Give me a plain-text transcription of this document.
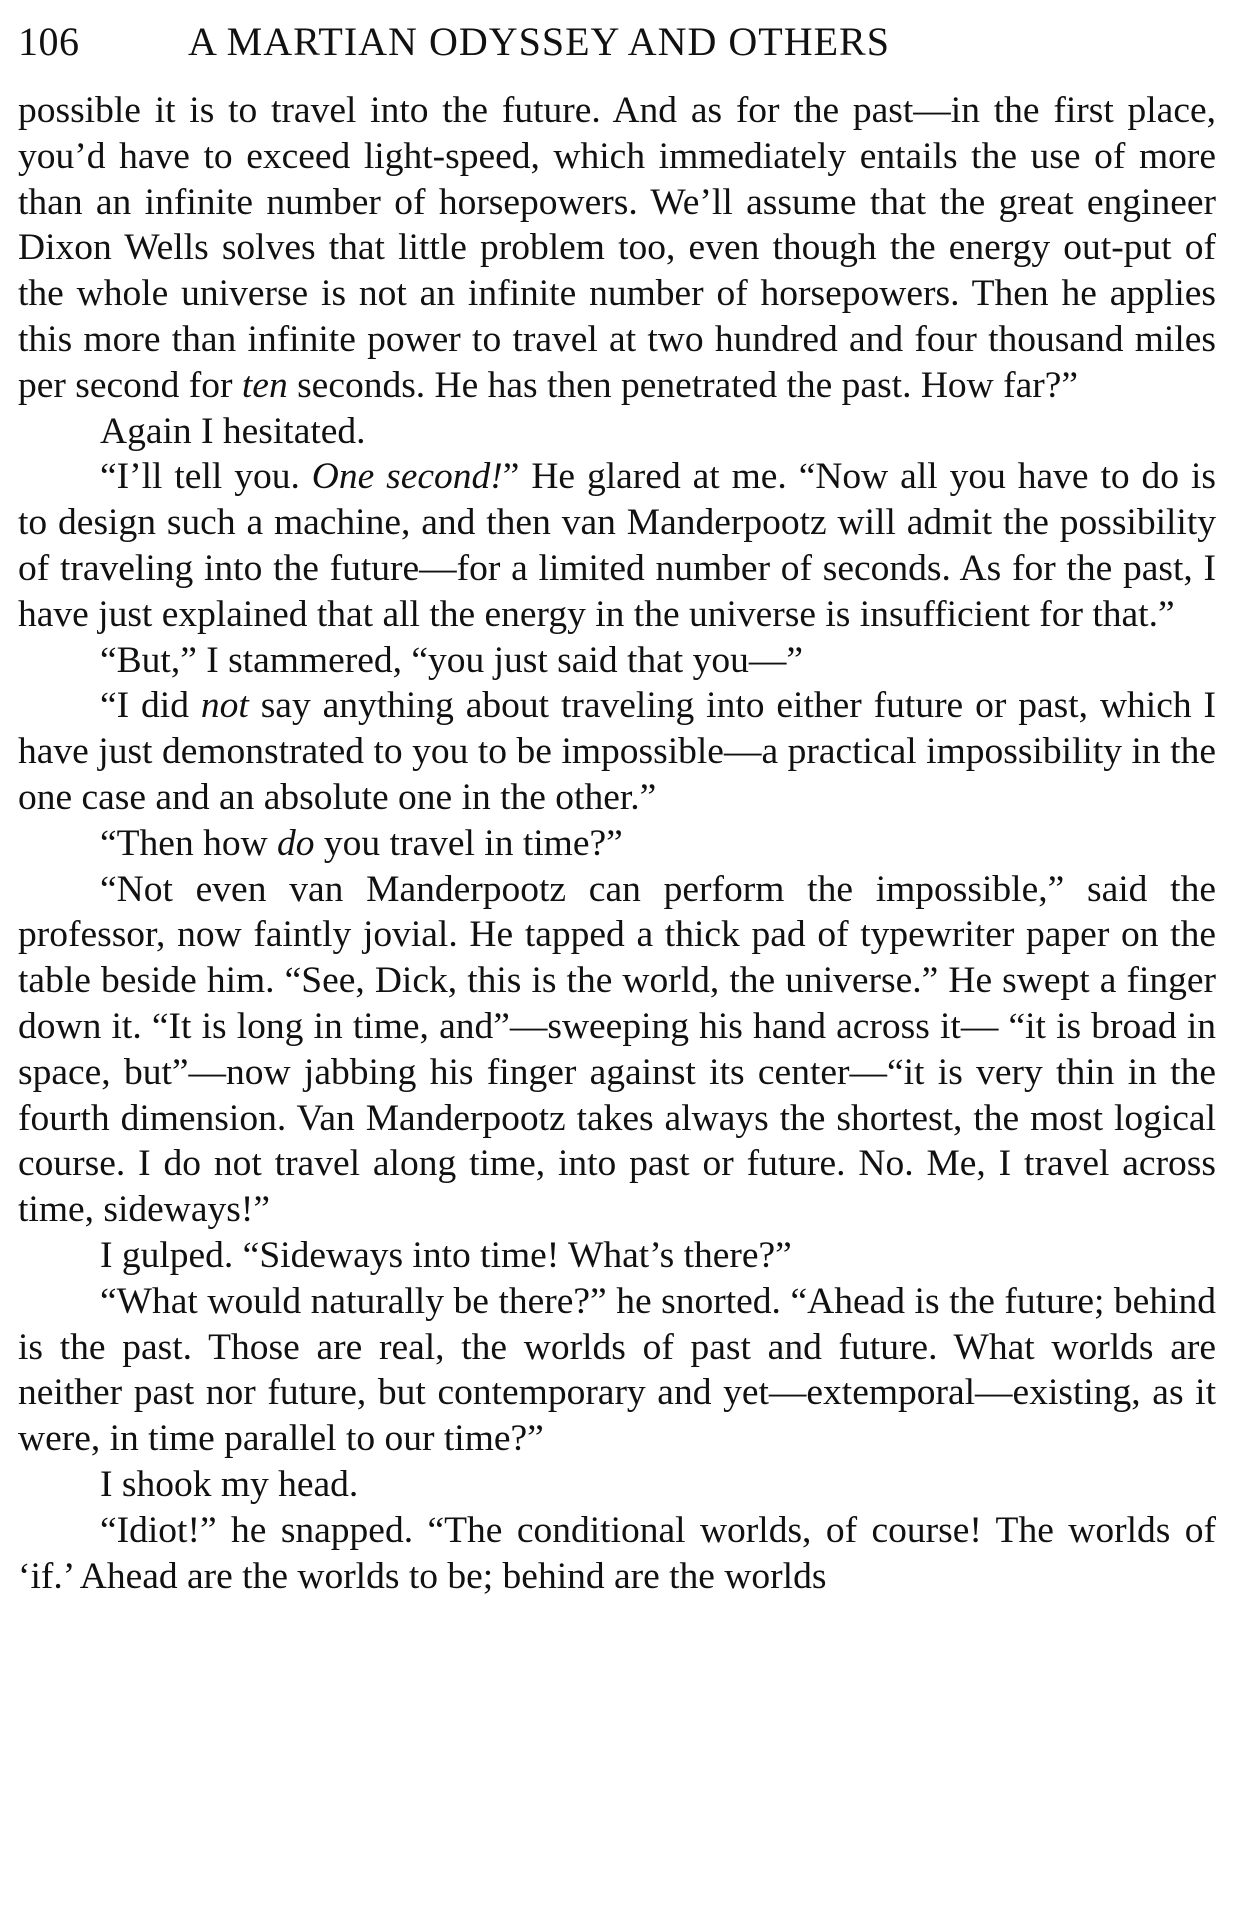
106	A MARTIAN ODYSSEY AND OTHERS

possible it is to travel into the future. And as for the past—in the first place, you’d have to exceed light-speed, which immediately entails the use of more than an infinite number of horsepowers. We’ll assume that the great engineer Dixon Wells solves that little problem too, even though the energy out-put of the whole universe is not an infinite number of horsepowers. Then he applies this more than infinite power to travel at two hundred and four thousand miles per second for ten seconds. He has then penetrated the past. How far?”

Again I hesitated.

“I’ll tell you. One second!” He glared at me. “Now all you have to do is to design such a machine, and then van Manderpootz will admit the possibility of traveling into the future—for a limited number of seconds. As for the past, I have just explained that all the energy in the universe is insufficient for that.”

“But,” I stammered, “you just said that you—”

“I did not say anything about traveling into either future or past, which I have just demonstrated to you to be impossible—a practical impossibility in the one case and an absolute one in the other.”

“Then how do you travel in time?”

“Not even van Manderpootz can perform the impossible,” said the professor, now faintly jovial. He tapped a thick pad of typewriter paper on the table beside him. “See, Dick, this is the world, the universe.” He swept a finger down it. “It is long in time, and”—sweeping his hand across it— “it is broad in space, but”—now jabbing his finger against its center—“it is very thin in the fourth dimension. Van Manderpootz takes always the shortest, the most logical course. I do not travel along time, into past or future. No. Me, I travel across time, sideways!”

I gulped. “Sideways into time! What’s there?”

“What would naturally be there?” he snorted. “Ahead is the future; behind is the past. Those are real, the worlds of past and future. What worlds are neither past nor future, but contemporary and yet—extemporal—existing, as it were, in time parallel to our time?”

I shook my head.

“Idiot!” he snapped. “The conditional worlds, of course! The worlds of ‘if.’ Ahead are the worlds to be; behind are the worlds
